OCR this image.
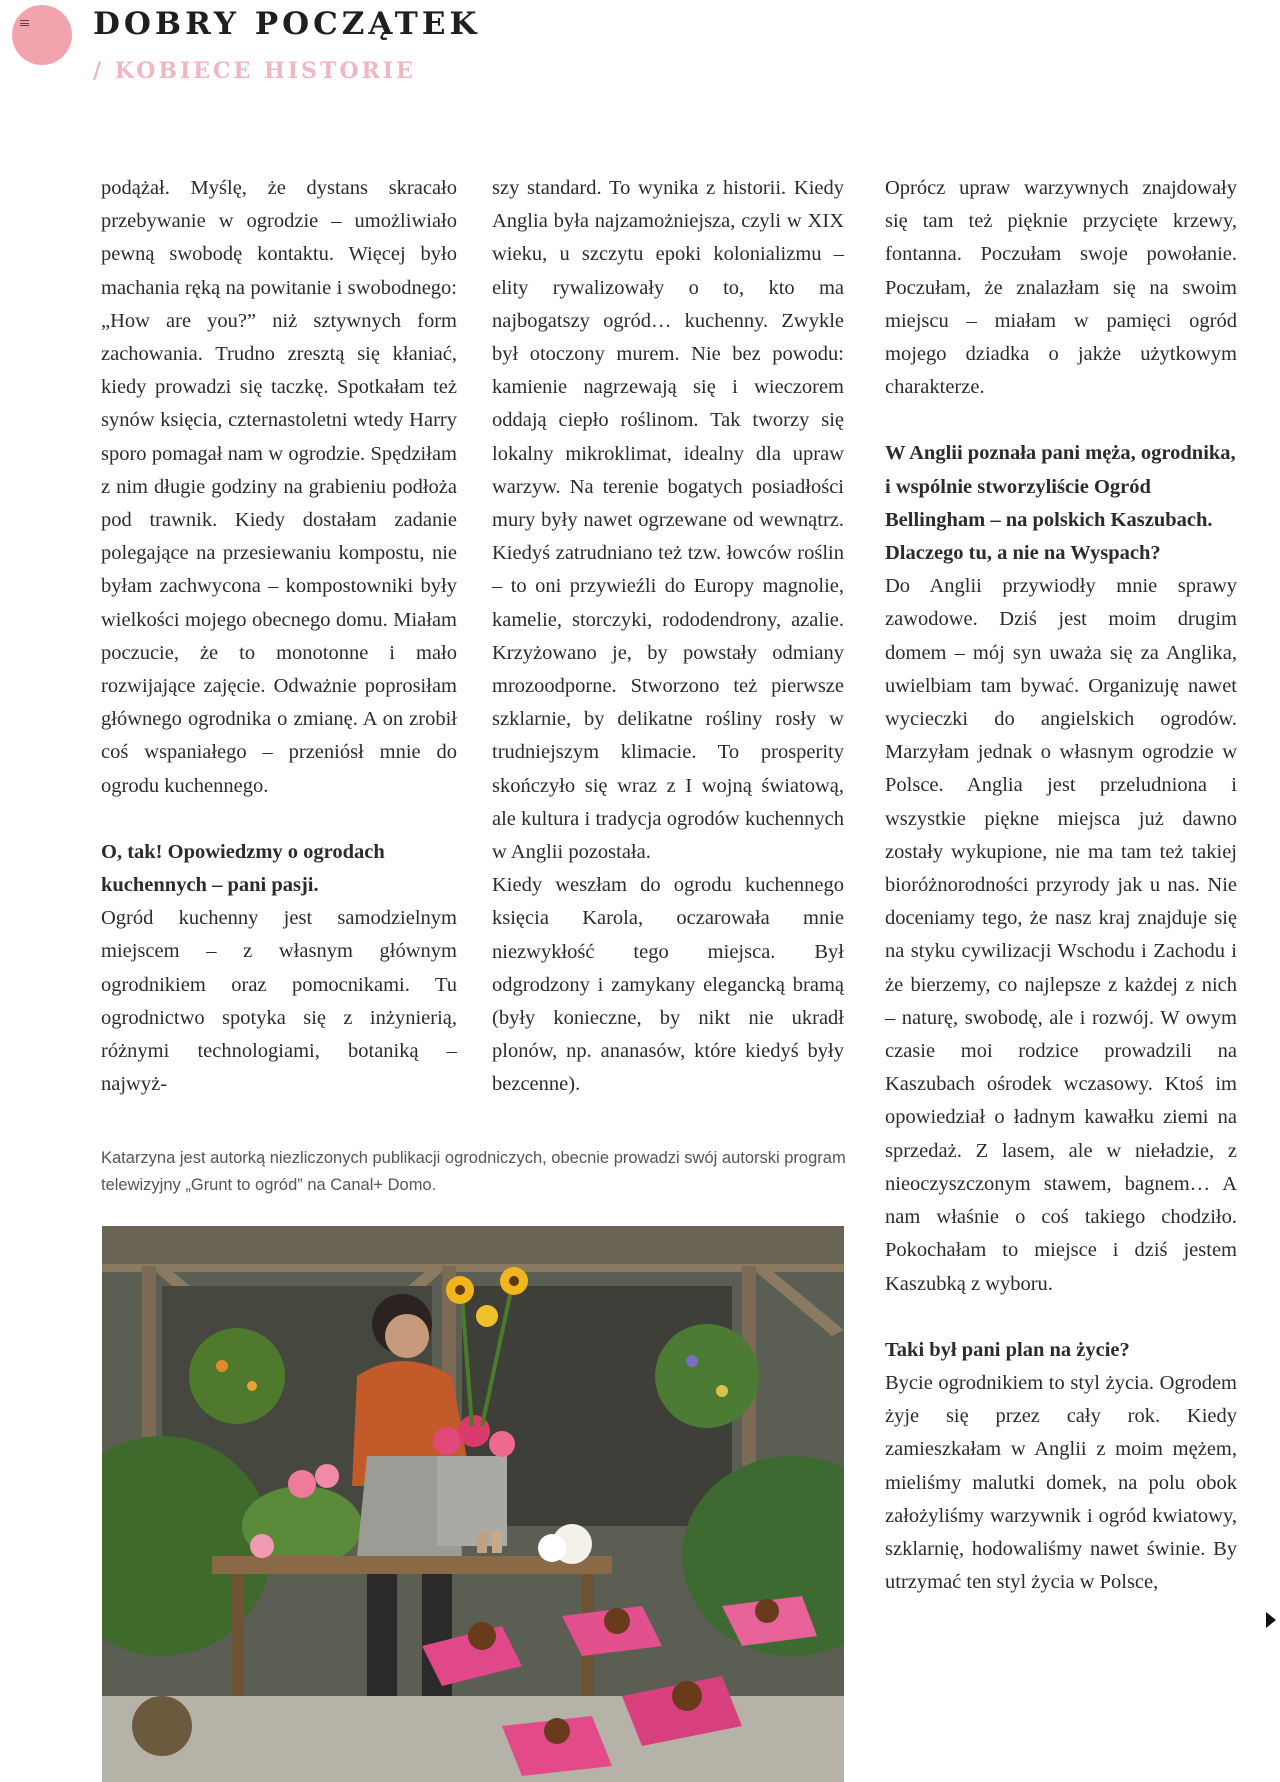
DOBRY POCZĄTEK
/ KOBIECE HISTORIE

podążał. Myślę, że dystans skracało przebywanie w ogrodzie – umożliwiało pewną swobodę kontaktu. Więcej było machania ręką na powitanie i swobodnego: „How are you?” niż sztywnych form zachowania. Trudno zresztą się kłaniać, kiedy prowadzi się taczkę. Spotkałam też synów księcia, czternastoletni wtedy Harry sporo pomagał nam w ogrodzie. Spędziłam z nim długie godziny na grabieniu podłoża pod trawnik. Kiedy dostałam zadanie polegające na przesiewaniu kompostu, nie byłam zachwycona – kompostowniki były wielkości mojego obecnego domu. Miałam poczucie, że to monotonne i mało rozwijające zajęcie. Odważnie poprosiłam głównego ogrodnika o zmianę. A on zrobił coś wspaniałego – przeniósł mnie do ogrodu kuchennego.

O, tak! Opowiedzmy o ogrodach kuchennych – pani pasji.

Ogród kuchenny jest samodzielnym miejscem – z własnym głównym ogrodnikiem oraz pomocnikami. Tu ogrodnictwo spotyka się z inżynierią, różnymi technologiami, botaniką – najwyż-

szy standard. To wynika z historii. Kiedy Anglia była najzamożniejsza, czyli w XIX wieku, u szczytu epoki kolonializmu – elity rywalizowały o to, kto ma najbogatszy ogród… kuchenny. Zwykle był otoczony murem. Nie bez powodu: kamienie nagrzewają się i wieczorem oddają ciepło roślinom. Tak tworzy się lokalny mikroklimat, idealny dla upraw warzyw. Na terenie bogatych posiadłości mury były nawet ogrzewane od wewnątrz. Kiedyś zatrudniano też tzw. łowców roślin – to oni przywieźli do Europy magnolie, kamelie, storczyki, rododendrony, azalie. Krzyżowano je, by powstały odmiany mrozoodporne. Stworzono też pierwsze szklarnie, by delikatne rośliny rosły w trudniejszym klimacie. To prosperity skończyło się wraz z I wojną światową, ale kultura i tradycja ogrodów kuchennych w Anglii pozostała.

Kiedy weszłam do ogrodu kuchennego księcia Karola, oczarowała mnie niezwykłość tego miejsca. Był odgrodzony i zamykany elegancką bramą (były konieczne, by nikt nie ukradł plonów, np. ananasów, które kiedyś były bezcenne).

Oprócz upraw warzywnych znajdowały się tam też pięknie przycięte krzewy, fontanna. Poczułam swoje powołanie. Poczułam, że znalazłam się na swoim miejscu – miałam w pamięci ogród mojego dziadka o jakże użytkowym charakterze.

W Anglii poznała pani męża, ogrodnika, i wspólnie stworzyliście Ogród Bellingham – na polskich Kaszubach. Dlaczego tu, a nie na Wyspach?

Do Anglii przywiodły mnie sprawy zawodowe. Dziś jest moim drugim domem – mój syn uważa się za Anglika, uwielbiam tam bywać. Organizuję nawet wycieczki do angielskich ogrodów. Marzyłam jednak o własnym ogrodzie w Polsce. Anglia jest przeludniona i wszystkie piękne miejsca już dawno zostały wykupione, nie ma tam też takiej bioróżnorodności przyrody jak u nas. Nie doceniamy tego, że nasz kraj znajduje się na styku cywilizacji Wschodu i Zachodu i że bierzemy, co najlepsze z każdej z nich – naturę, swobodę, ale i rozwój. W owym czasie moi rodzice prowadzili na Kaszubach ośrodek wczasowy. Ktoś im opowiedział o ładnym kawałku ziemi na sprzedaż. Z lasem, ale w nieładzie, z nieoczyszczonym stawem, bagnem… A nam właśnie o coś takiego chodziło. Pokochałam to miejsce i dziś jestem Kaszubką z wyboru.

Taki był pani plan na życie?

Bycie ogrodnikiem to styl życia. Ogrodem żyje się przez cały rok. Kiedy zamieszkałam w Anglii z moim mężem, mieliśmy malutki domek, na polu obok założyliśmy warzywnik i ogród kwiatowy, szklarnię, hodowaliśmy nawet świnie. By utrzymać ten styl życia w Polsce,

Katarzyna jest autorką niezliczonych publikacji ogrodniczych, obecnie prowadzi swój autorski program telewizyjny „Grunt to ogród” na Canal+ Domo.
